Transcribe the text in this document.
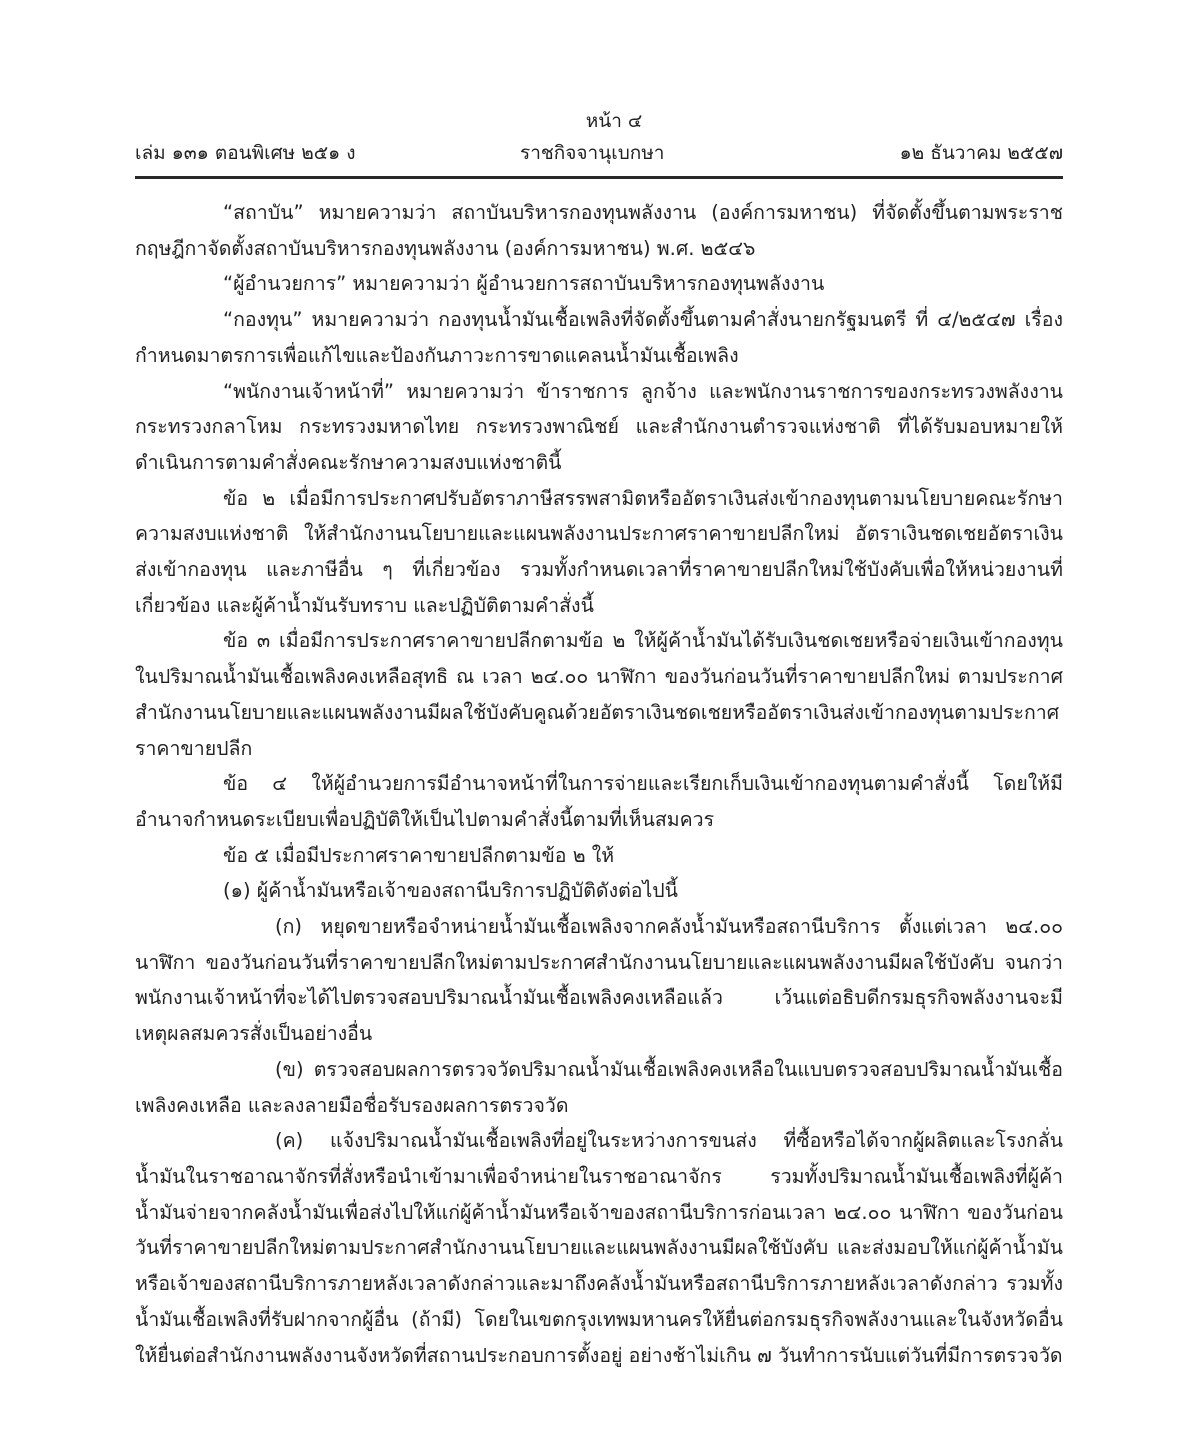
หน้า ๔
เล่ม ๑๓๑ ตอนพิเศษ ๒๕๑ ง	ราชกิจจานุเบกษา	๑๒ ธันวาคม ๒๕๕๗

“สถาบัน” หมายความว่า สถาบันบริหารกองทุนพลังงาน (องค์การมหาชน) ที่จัดตั้งขึ้นตามพระราชกฤษฎีกาจัดตั้งสถาบันบริหารกองทุนพลังงาน (องค์การมหาชน) พ.ศ. ๒๕๔๖

“ผู้อำนวยการ” หมายความว่า ผู้อำนวยการสถาบันบริหารกองทุนพลังงาน

“กองทุน” หมายความว่า กองทุนน้ำมันเชื้อเพลิงที่จัดตั้งขึ้นตามคำสั่งนายกรัฐมนตรี ที่ ๔/๒๕๔๗ เรื่อง กำหนดมาตรการเพื่อแก้ไขและป้องกันภาวะการขาดแคลนน้ำมันเชื้อเพลิง

“พนักงานเจ้าหน้าที่” หมายความว่า ข้าราชการ ลูกจ้าง และพนักงานราชการของกระทรวงพลังงาน กระทรวงกลาโหม กระทรวงมหาดไทย กระทรวงพาณิชย์ และสำนักงานตำรวจแห่งชาติ ที่ได้รับมอบหมายให้ดำเนินการตามคำสั่งคณะรักษาความสงบแห่งชาตินี้

ข้อ ๒ เมื่อมีการประกาศปรับอัตราภาษีสรรพสามิตหรืออัตราเงินส่งเข้ากองทุนตามนโยบายคณะรักษาความสงบแห่งชาติ ให้สำนักงานนโยบายและแผนพลังงานประกาศราคาขายปลีกใหม่ อัตราเงินชดเชยอัตราเงินส่งเข้ากองทุน และภาษีอื่น ๆ ที่เกี่ยวข้อง รวมทั้งกำหนดเวลาที่ราคาขายปลีกใหม่ใช้บังคับเพื่อให้หน่วยงานที่เกี่ยวข้อง และผู้ค้าน้ำมันรับทราบ และปฏิบัติตามคำสั่งนี้

ข้อ ๓ เมื่อมีการประกาศราคาขายปลีกตามข้อ ๒ ให้ผู้ค้าน้ำมันได้รับเงินชดเชยหรือจ่ายเงินเข้ากองทุน ในปริมาณน้ำมันเชื้อเพลิงคงเหลือสุทธิ ณ เวลา ๒๔.๐๐ นาฬิกา ของวันก่อนวันที่ราคาขายปลีกใหม่ ตามประกาศสำนักงานนโยบายและแผนพลังงานมีผลใช้บังคับคูณด้วยอัตราเงินชดเชยหรืออัตราเงินส่งเข้ากองทุนตามประกาศราคาขายปลีก

ข้อ ๔ ให้ผู้อำนวยการมีอำนาจหน้าที่ในการจ่ายและเรียกเก็บเงินเข้ากองทุนตามคำสั่งนี้ โดยให้มีอำนาจกำหนดระเบียบเพื่อปฏิบัติให้เป็นไปตามคำสั่งนี้ตามที่เห็นสมควร

ข้อ ๕ เมื่อมีประกาศราคาขายปลีกตามข้อ ๒ ให้

(๑) ผู้ค้าน้ำมันหรือเจ้าของสถานีบริการปฏิบัติดังต่อไปนี้

(ก) หยุดขายหรือจำหน่ายน้ำมันเชื้อเพลิงจากคลังน้ำมันหรือสถานีบริการ ตั้งแต่เวลา ๒๔.๐๐ นาฬิกา ของวันก่อนวันที่ราคาขายปลีกใหม่ตามประกาศสำนักงานนโยบายและแผนพลังงานมีผลใช้บังคับ จนกว่าพนักงานเจ้าหน้าที่จะได้ไปตรวจสอบปริมาณน้ำมันเชื้อเพลิงคงเหลือแล้ว เว้นแต่อธิบดีกรมธุรกิจพลังงานจะมีเหตุผลสมควรสั่งเป็นอย่างอื่น

(ข) ตรวจสอบผลการตรวจวัดปริมาณน้ำมันเชื้อเพลิงคงเหลือในแบบตรวจสอบปริมาณน้ำมันเชื้อเพลิงคงเหลือ และลงลายมือชื่อรับรองผลการตรวจวัด

(ค) แจ้งปริมาณน้ำมันเชื้อเพลิงที่อยู่ในระหว่างการขนส่ง ที่ซื้อหรือได้จากผู้ผลิตและโรงกลั่นน้ำมันในราชอาณาจักรที่สั่งหรือนำเข้ามาเพื่อจำหน่ายในราชอาณาจักร รวมทั้งปริมาณน้ำมันเชื้อเพลิงที่ผู้ค้าน้ำมันจ่ายจากคลังน้ำมันเพื่อส่งไปให้แก่ผู้ค้าน้ำมันหรือเจ้าของสถานีบริการก่อนเวลา ๒๔.๐๐ นาฬิกา ของวันก่อนวันที่ราคาขายปลีกใหม่ตามประกาศสำนักงานนโยบายและแผนพลังงานมีผลใช้บังคับ และส่งมอบให้แก่ผู้ค้าน้ำมันหรือเจ้าของสถานีบริการภายหลังเวลาดังกล่าวและมาถึงคลังน้ำมันหรือสถานีบริการภายหลังเวลาดังกล่าว รวมทั้งน้ำมันเชื้อเพลิงที่รับฝากจากผู้อื่น (ถ้ามี) โดยในเขตกรุงเทพมหานครให้ยื่นต่อกรมธุรกิจพลังงานและในจังหวัดอื่นให้ยื่นต่อสำนักงานพลังงานจังหวัดที่สถานประกอบการตั้งอยู่ อย่างช้าไม่เกิน ๗ วันทำการนับแต่วันที่มีการตรวจวัด
